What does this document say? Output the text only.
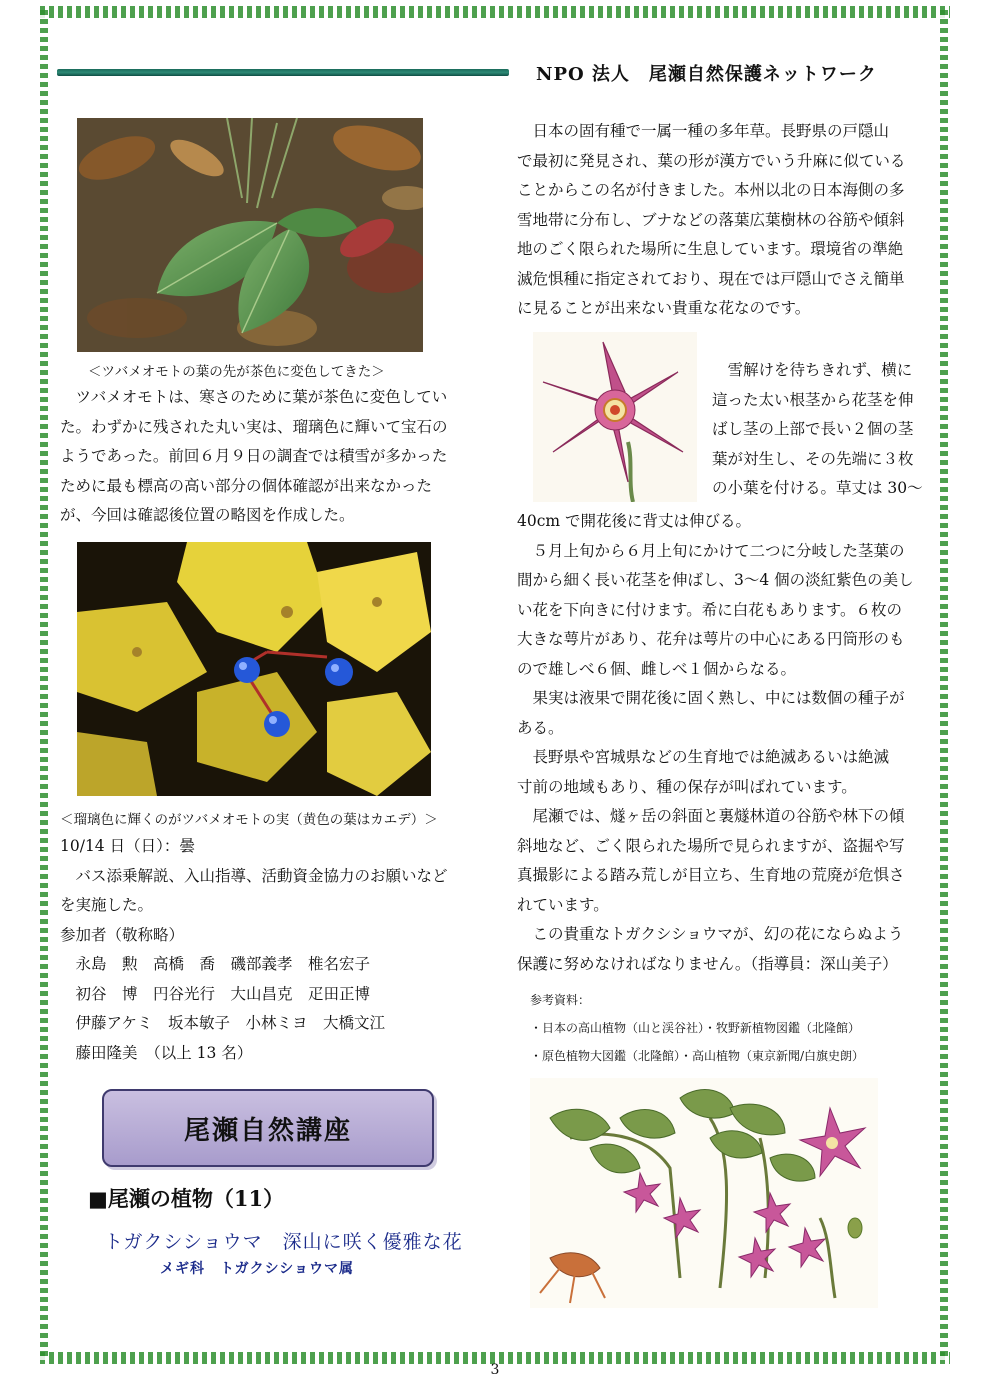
NPO 法人　尾瀬自然保護ネットワーク
＜ツバメオモトの葉の先が茶色に変色してきた＞
　ツバメオモトは、寒さのために葉が茶色に変色してい
た。わずかに残された丸い実は、瑠璃色に輝いて宝石の
ようであった。前回６月９日の調査では積雪が多かった
ために最も標高の高い部分の個体確認が出来なかった
が、今回は確認後位置の略図を作成した。
＜瑠璃色に輝くのがツバメオモトの実（黄色の葉はカエデ）＞
10/14 日（日）：曇
　バス添乗解説、入山指導、活動資金協力のお願いなど
を実施した。
参加者（敬称略）
　永島　勲　高橋　喬　磯部義孝　椎名宏子
　初谷　博　円谷光行　大山昌克　疋田正博
　伊藤アケミ　坂本敏子　小林ミヨ　大橋文江
　藤田隆美　（以上 13 名）
尾瀬自然講座
■尾瀬の植物（11）
トガクシショウマ　深山に咲く優雅な花
メギ科　トガクシショウマ属
　日本の固有種で一属一種の多年草。長野県の戸隠山
で最初に発見され、葉の形が漢方でいう升麻に似ている
ことからこの名が付きました。本州以北の日本海側の多
雪地帯に分布し、ブナなどの落葉広葉樹林の谷筋や傾斜
地のごく限られた場所に生息しています。環境省の準絶
滅危惧種に指定されており、現在では戸隠山でさえ簡単
に見ることが出来ない貴重な花なのです。
　雪解けを待ちきれず、横に
這った太い根茎から花茎を伸
ばし茎の上部で長い２個の茎
葉が対生し、その先端に３枚
の小葉を付ける。草丈は 30～
40cm で開花後に背丈は伸びる。
　５月上旬から６月上旬にかけて二つに分岐した茎葉の
間から細く長い花茎を伸ばし、3～4 個の淡紅紫色の美し
い花を下向きに付けます。希に白花もあります。６枚の
大きな萼片があり、花弁は萼片の中心にある円筒形のも
ので雄しべ６個、雌しべ１個からなる。
　果実は液果で開花後に固く熟し、中には数個の種子が
ある。
　長野県や宮城県などの生育地では絶滅あるいは絶滅
寸前の地域もあり、種の保存が叫ばれています。
　尾瀬では、燧ヶ岳の斜面と裏燧林道の谷筋や林下の傾
斜地など、ごく限られた場所で見られますが、盗掘や写
真撮影による踏み荒しが目立ち、生育地の荒廃が危惧さ
れています。
　この貴重なトガクシショウマが、幻の花にならぬよう
保護に努めなければなりません。（指導員：深山美子）
参考資料：
・日本の高山植物（山と渓谷社）・牧野新植物図鑑（北隆館）
・原色植物大図鑑（北隆館）・高山植物（東京新聞/白旗史朗）
3
